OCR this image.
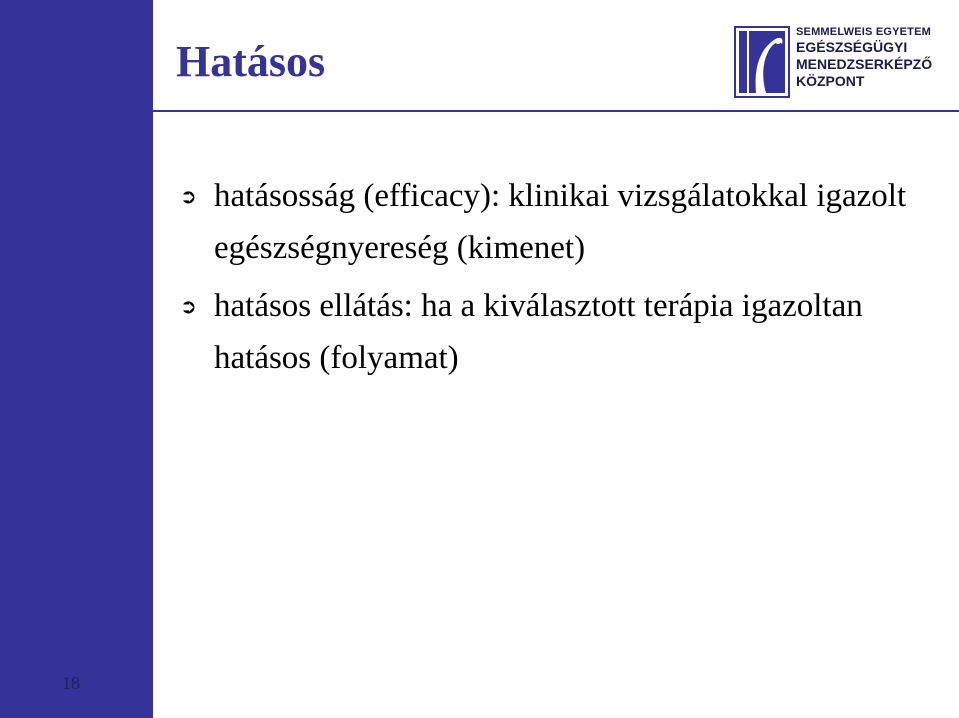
18
Hatásos
SEMMELWEIS EGYETEM
EGÉSZSÉGÜGYI
MENEDZSERKÉPZŐ
KÖZPONT
➲ hatásosság (efficacy): klinikai vizsgálatokkal igazolt egészségnyereség (kimenet)
➲ hatásos ellátás: ha a kiválasztott terápia igazoltan hatásos (folyamat)
